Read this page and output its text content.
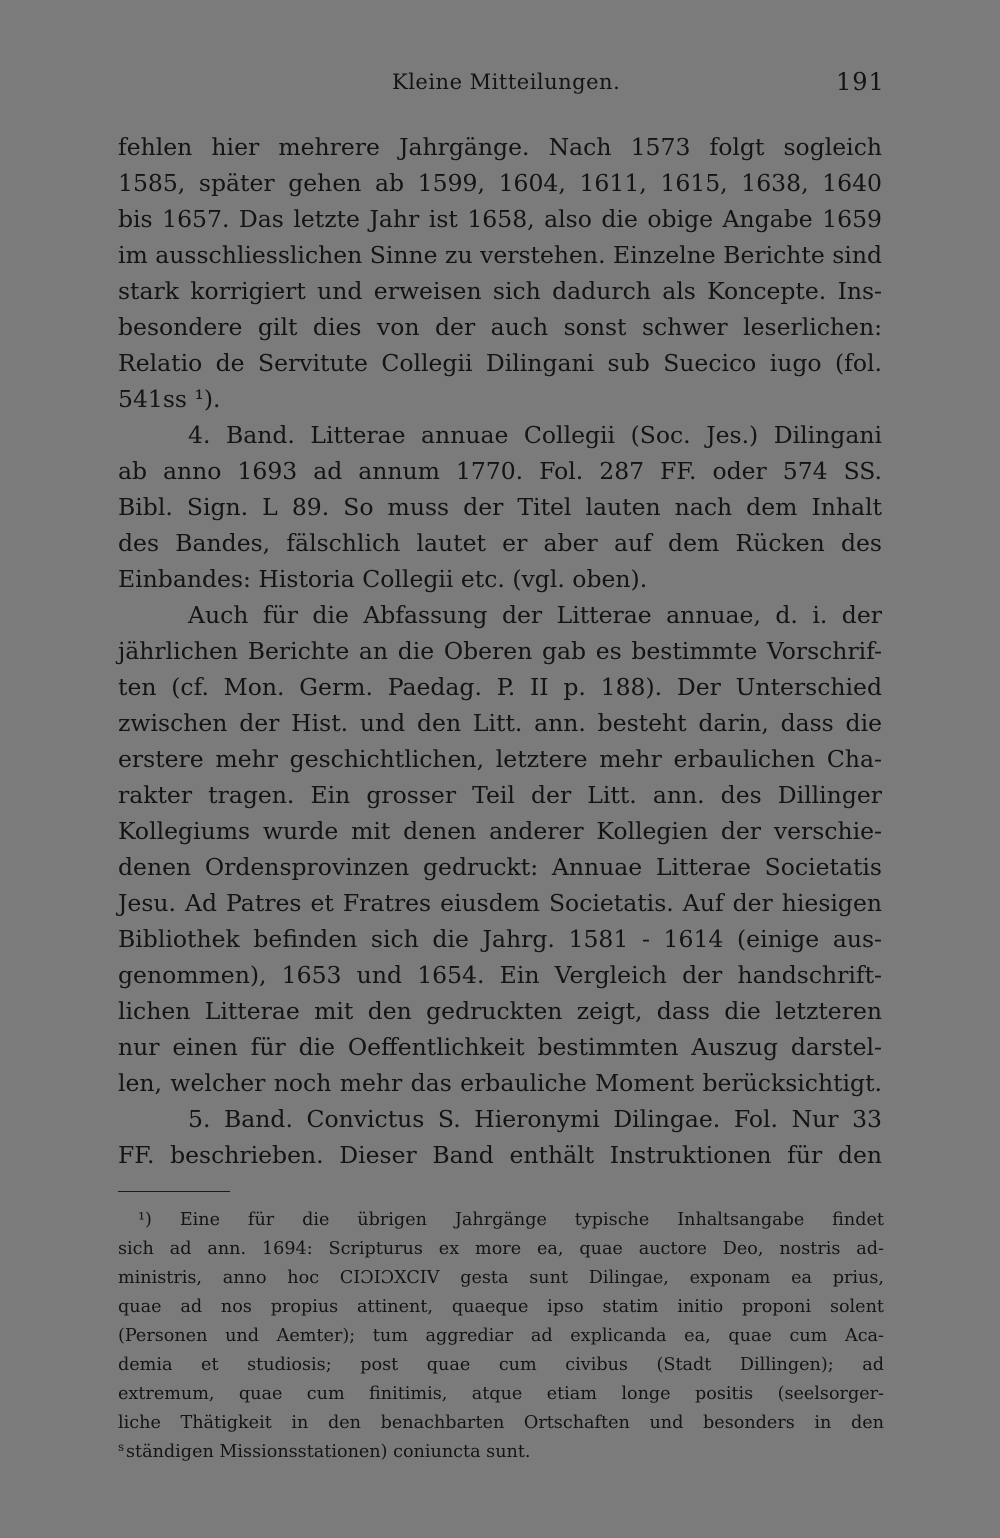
Kleine Mitteilungen.	191
fehlen hier mehrere Jahrgänge. Nach 1573 folgt sogleich
1585, später gehen ab 1599, 1604, 1611, 1615, 1638, 1640
bis 1657. Das letzte Jahr ist 1658, also die obige Angabe 1659
im ausschliesslichen Sinne zu verstehen. Einzelne Berichte sind
stark korrigiert und erweisen sich dadurch als Koncepte. Ins-
besondere gilt dies von der auch sonst schwer leserlichen:
Relatio de Servitute Collegii Dilingani sub Suecico iugo (fol.
541ss ¹).
4. Band. Litterae annuae Collegii (Soc. Jes.) Dilingani
ab anno 1693 ad annum 1770. Fol. 287 FF. oder 574 SS.
Bibl. Sign. L 89. So muss der Titel lauten nach dem Inhalt
des Bandes, fälschlich lautet er aber auf dem Rücken des
Einbandes: Historia Collegii etc. (vgl. oben).
Auch für die Abfassung der Litterae annuae, d. i. der
jährlichen Berichte an die Oberen gab es bestimmte Vorschrif-
ten (cf. Mon. Germ. Paedag. P. II p. 188). Der Unterschied
zwischen der Hist. und den Litt. ann. besteht darin, dass die
erstere mehr geschichtlichen, letztere mehr erbaulichen Cha-
rakter tragen. Ein grosser Teil der Litt. ann. des Dillinger
Kollegiums wurde mit denen anderer Kollegien der verschie-
denen Ordensprovinzen gedruckt: Annuae Litterae Societatis
Jesu. Ad Patres et Fratres eiusdem Societatis. Auf der hiesigen
Bibliothek befinden sich die Jahrg. 1581 - 1614 (einige aus-
genommen), 1653 und 1654. Ein Vergleich der handschrift-
lichen Litterae mit den gedruckten zeigt, dass die letzteren
nur einen für die Oeffentlichkeit bestimmten Auszug darstel-
len, welcher noch mehr das erbauliche Moment berücksichtigt.
5. Band. Convictus S. Hieronymi Dilingae. Fol. Nur 33
FF. beschrieben. Dieser Band enthält Instruktionen für den
¹) Eine für die übrigen Jahrgänge typische Inhaltsangabe findet
sich ad ann. 1694: Scripturus ex more ea, quae auctore Deo, nostris ad-
ministris, anno hoc CIƆIƆXCIV gesta sunt Dilingae, exponam ea prius,
quae ad nos propius attinent, quaeque ipso statim initio proponi solent
(Personen und Aemter); tum aggrediar ad explicanda ea, quae cum Aca-
demia et studiosis; post quae cum civibus (Stadt Dillingen); ad
extremum, quae cum finitimis, atque etiam longe positis (seelsorger-
liche Thätigkeit in den benachbarten Ortschaften und besonders in den
s ständigen Missionsstationen) coniuncta sunt.
